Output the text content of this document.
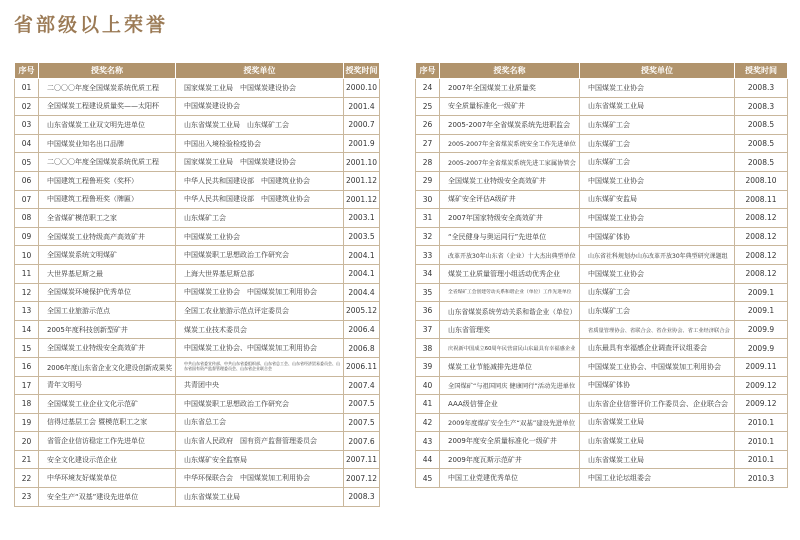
省部级以上荣誉
序号	授奖名称	授奖单位	授奖时间
01	二〇〇〇年度全国煤炭系统优质工程	国家煤炭工业局　中国煤炭建设协会	2000.10
02	全国煤炭工程建设质量奖——太阳杯	中国煤炭建设协会	2001.4
03	山东省煤炭工业双文明先进单位	山东省煤炭工业局　山东煤矿工会	2000.7
04	中国煤炭业知名出口品牌	中国出入境检验检疫协会	2001.9
05	二〇〇〇年度全国煤炭系统优质工程	国家煤炭工业局　中国煤炭建设协会	2001.10
06	中国建筑工程鲁班奖（奖杯）	中华人民共和国建设部　中国建筑业协会	2001.12
07	中国建筑工程鲁班奖（牌匾）	中华人民共和国建设部　中国建筑业协会	2001.12
08	全省煤矿模范职工之家	山东煤矿工会	2003.1
09	全国煤炭工业特级高产高效矿井	中国煤炭工业协会	2003.5
10	全国煤炭系统文明煤矿	中国煤炭职工思想政治工作研究会	2004.1
11	大世界基尼斯之最	上海大世界基尼斯总部	2004.1
12	全国煤炭环境保护优秀单位	中国煤炭工业协会　中国煤炭加工利用协会	2004.4
13	全国工业旅游示范点	全国工农业旅游示范点评定委员会	2005.12
14	2005年度科技创新型矿井	煤炭工业技术委员会	2006.4
15	全国煤炭工业特级安全高效矿井	中国煤炭工业协会、中国煤炭加工利用协会	2006.8
16	2006年度山东省企业文化建设创新成果奖	中共山东省委宣传部、中共山东省委组织部、山东省总工会、山东省经济贸易委员会、山东省国有资产监督管理委员会、山东省企业联合会	2006.11
17	青年文明号	共青团中央	2007.4
18	全国煤炭工业企业文化示范矿	中国煤炭职工思想政治工作研究会	2007.5
19	信得过基层工会 暨模范职工之家	山东省总工会	2007.5
20	省管企业信访稳定工作先进单位	山东省人民政府　国有资产监督管理委员会	2007.6
21	安全文化建设示范企业	山东煤矿安全监察局	2007.11
22	中华环境友好煤炭单位	中华环保联合会　中国煤炭加工利用协会	2007.12
23	安全生产“双基”建设先进单位	山东省煤炭工业局	2008.3
序号	授奖名称	授奖单位	授奖时间
24	2007年全国煤炭工业质量奖	中国煤炭工业协会	2008.3
25	安全质量标准化一级矿井	山东省煤炭工业局	2008.3
26	2005-2007年全省煤炭系统先进职监会	山东煤矿工会	2008.5
27	2005-2007年全省煤炭系统安全工作先进单位	山东煤矿工会	2008.5
28	2005-2007年全省煤炭系统先进工家属协管会	山东煤矿工会	2008.5
29	全国煤炭工业特级安全高效矿井	中国煤炭工业协会	2008.10
30	煤矿安全评估A级矿井	山东煤矿安监局	2008.11
31	2007年国家特级安全高效矿井	中国煤炭工业协会	2008.12
32	“全民健身与奥运同行”先进单位	中国煤矿体协	2008.12
33	改革开放30年山东省（企业）十大杰出典型单位	山东省社科规划办山东改革开放30年典型研究课题组	2008.12
34	煤炭工业质量管理小组活动优秀企业	中国煤炭工业协会	2008.12
35	全省煤矿工会创建劳动关系和谐企业（单位）工作先进单位	山东煤矿工会	2009.1
36	山东省煤炭系统劳动关系和谐企业（单位）	山东煤矿工会	2009.1
37	山东省管理奖	省质量管理协会、省联合会、省企业协会、省工业经济联合会	2009.9
38	庆祝新中国成立60周年民营富民山东最具有幸福感企业	山东最具有幸福感企业调查评议组委会	2009.9
39	煤炭工业节能减排先进单位	中国煤炭工业协会、中国煤炭加工利用协会	2009.11
40	全国煤矿“与祖国同庆 健康同行”活动先进单位	中国煤矿体协	2009.12
41	AAA级信誉企业	山东省企业信誉评价工作委员会、企业联合会	2009.12
42	2009年度煤矿安全生产“双基”建设先进单位	山东省煤炭工业局	2010.1
43	2009年度安全质量标准化一级矿井	山东省煤炭工业局	2010.1
44	2009年度瓦斯示范矿井	山东省煤炭工业局	2010.1
45	中国工业党建优秀单位	中国工业论坛组委会	2010.3
